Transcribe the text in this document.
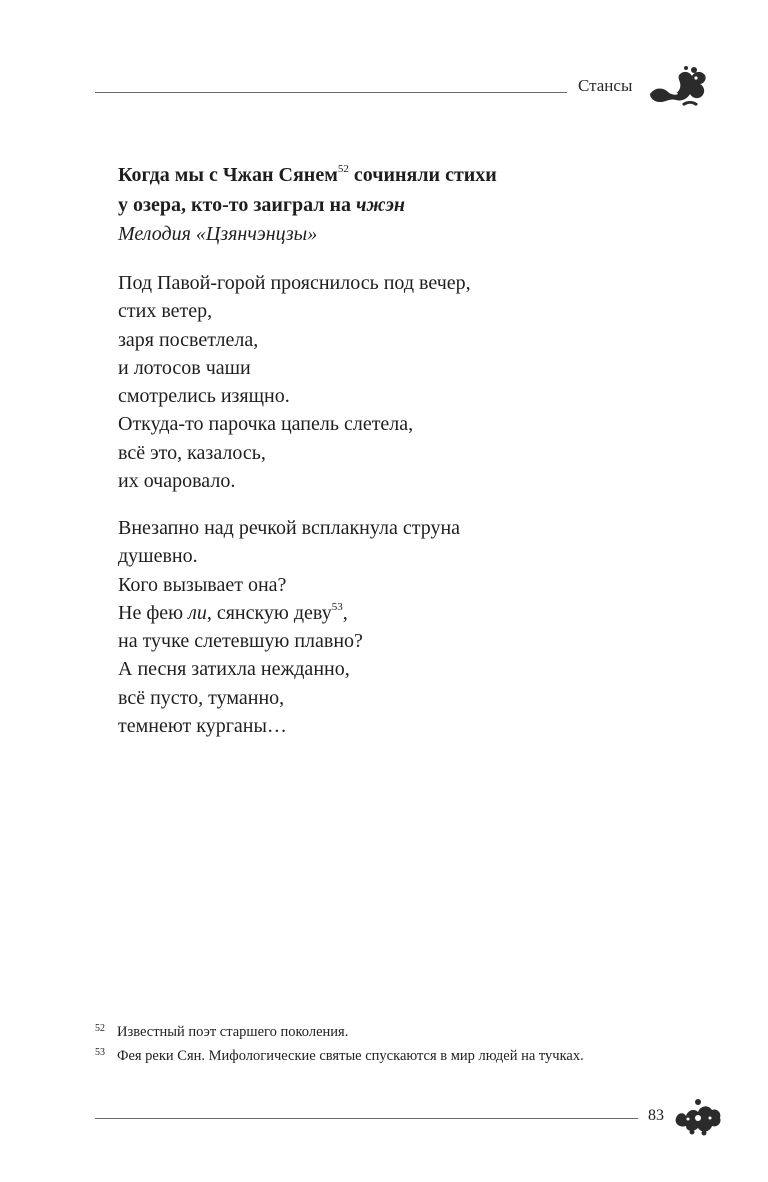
Стансы
Когда мы с Чжан Сянем$^{52}$ сочиняли стихи
у озера, кто-то заиграл на чжэн
Мелодия «Цзянчэнцзы»
Под Павой-горой прояснилось под вечер,
стих ветер,
заря посветлела,
и лотосов чаши
смотрелись изящно.
Откуда-то парочка цапель слетела,
всё это, казалось,
их очаровало.
Внезапно над речкой всплакнула струна
душевно.
Кого вызывает она?
Не фею ли, сянскую деву$^{53}$,
на тучке слетевшую плавно?
А песня затихла нежданно,
всё пусто, туманно,
темнеют курганы…
52 Известный поэт старшего поколения.
53 Фея реки Сян. Мифологические святые спускаются в мир людей на тучках.
83
